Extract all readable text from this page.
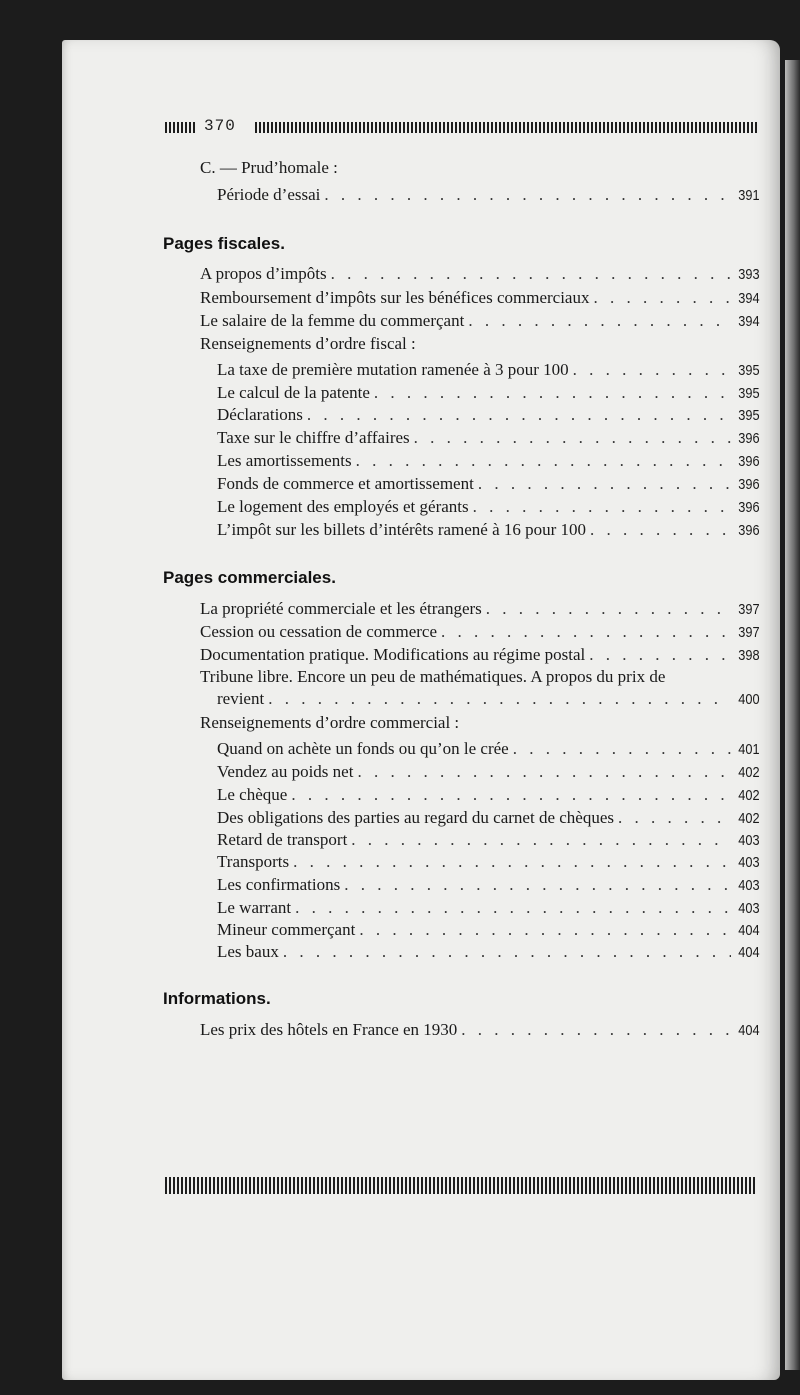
370
C. — Prud’homale :
Période d’essai . . .	391
Pages fiscales.
A propos d’impôts . . .	393
Remboursement d’impôts sur les bénéfices commerciaux . . .	394
Le salaire de la femme du commerçant . . .	394
Renseignements d’ordre fiscal :
La taxe de première mutation ramenée à 3 pour 100 . . .	395
Le calcul de la patente . . .	395
Déclarations . . .	395
Taxe sur le chiffre d’affaires . . .	396
Les amortissements . . .	396
Fonds de commerce et amortissement . . .	396
Le logement des employés et gérants . . .	396
L’impôt sur les billets d’intérêts ramené à 16 pour 100 . . .	396
Pages commerciales.
La propriété commerciale et les étrangers . . .	397
Cession ou cessation de commerce . . .	397
Documentation pratique. Modifications au régime postal . . .	398
Tribune libre. Encore un peu de mathématiques. A propos du prix de
revient . . .	400
Renseignements d’ordre commercial :
Quand on achète un fonds ou qu’on le crée . . .	401
Vendez au poids net . . .	402
Le chèque . . .	402
Des obligations des parties au regard du carnet de chèques . . .	402
Retard de transport . . .	403
Transports . . .	403
Les confirmations . . .	403
Le warrant . . .	403
Mineur commerçant . . .	404
Les baux . . .	404
Informations.
Les prix des hôtels en France en 1930 . . .	404
